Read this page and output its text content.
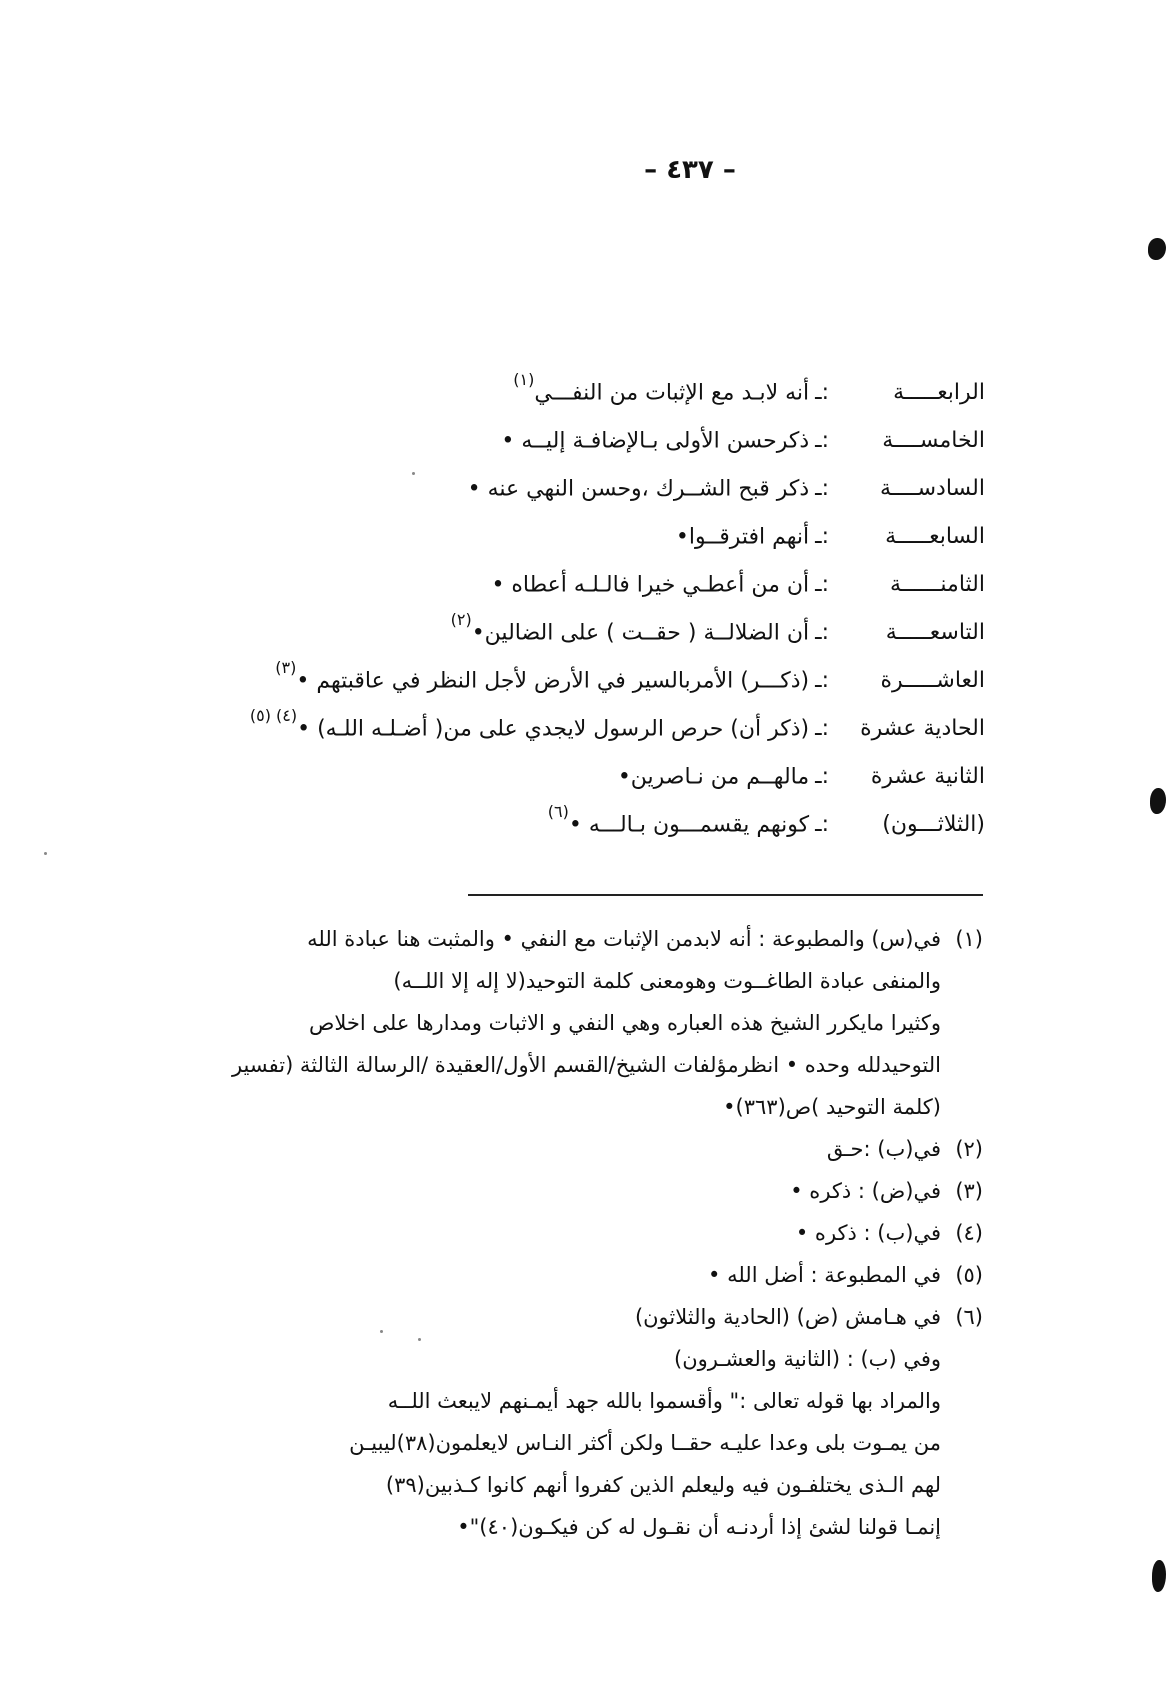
– ٤٣٧ –
الرابعـــــة:ـأنه لابـد مع الإثبات من النفـــي$^{(١)}$
الخامســــة:ـذكرحسن الأولى بـالإضافـة إليــه •
السادســــة:ـذكر قبح الشــرك ،وحسن النهي عنه •
السابعـــــة:ـأنهم افترقــوا•
الثامنــــــة:ـأن من أعطـي خيرا فالـلـه أعطاه •
التاسعـــــة:ـأن الضلالــة ( حقــت ) على الضالين•$^{(٢)}$
العاشـــــرة:ـ(ذكـــر) الأمربالسير في الأرض لأجل النظر في عاقبتهم •$^{(٣)}$
الحادية عشرة:ـ(ذكر أن) حرص الرسول لايجدي على من( أضـلـه اللـه) •$^{(٤) (٥)}$
الثانية عشرة:ـمالهــم من نـاصرين•
(الثلاثـــون):ـكونهم يقسمـــون بـالـــه •$^{(٦)}$
(١)
في(س) والمطبوعة : أنه لابدمن الإثبات مع النفي • والمثبت هنا عبادة الله
والمنفى عبادة الطاغــوت وهومعنى كلمة التوحيد(لا إله إلا اللــه)
وكثيرا مايكرر الشيخ هذه العباره وهي النفي و الاثبات ومدارها على اخلاص
التوحيدلله وحده • انظرمؤلفات الشيخ/القسم الأول/العقيدة /الرسالة الثالثة (تفسير
(كلمة التوحيد )ص(٣٦٣)•
(٢)
في(ب) :حـق
(٣)
في(ض) : ذكره •
(٤)
في(ب) : ذكره •
(٥)
في المطبوعة : أضل الله •
(٦)
في هـامش (ض) (الحادية والثلاثون)
وفي (ب) : (الثانية والعشـرون)
والمراد بها قوله تعالى :" وأقسموا بالله جهد أيمـنهم لايبعث اللــه
من يمـوت بلى وعدا عليـه حقــا ولكن أكثر النـاس لايعلمون(٣٨)ليبيـن
لهم الـذى يختلفـون فيه وليعلم الذين كفروا أنهم كانوا كـذبين(٣٩)
إنمـا قولنا لشئ إذا أردنـه أن نقـول له كن فيكـون(٤٠)"•
